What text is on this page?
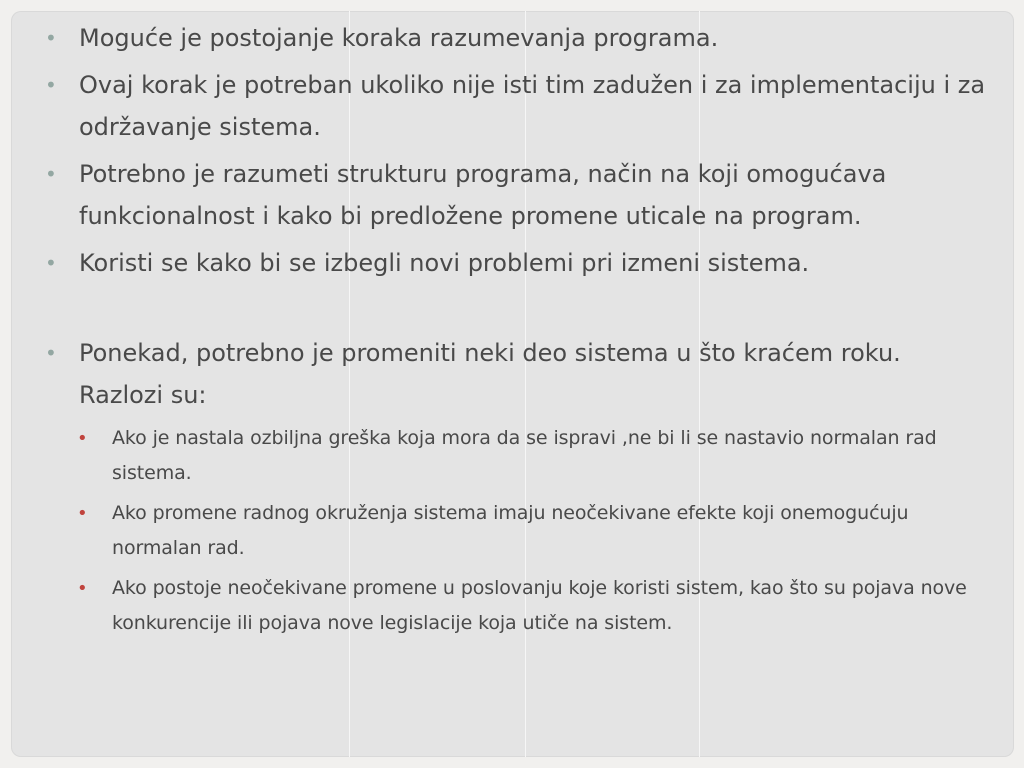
• Moguće je postojanje koraka razumevanja programa.
• Ovaj korak je potreban ukoliko nije isti tim zadužen i za implementaciju i za održavanje sistema.
• Potrebno je razumeti strukturu programa, način na koji omogućava funkcionalnost i kako bi predložene promene uticale na program.
• Koristi se kako bi se izbegli novi problemi pri izmeni sistema.
• Ponekad, potrebno je promeniti neki deo sistema u što kraćem roku. Razlozi su:
• Ako je nastala ozbiljna greška koja mora da se ispravi ,ne bi li se nastavio normalan rad sistema.
• Ako promene radnog okruženja sistema imaju neočekivane efekte koji onemogućuju normalan rad.
• Ako postoje neočekivane promene u poslovanju koje koristi sistem, kao što su pojava nove konkurencije ili pojava nove legislacije koja utiče na sistem.
